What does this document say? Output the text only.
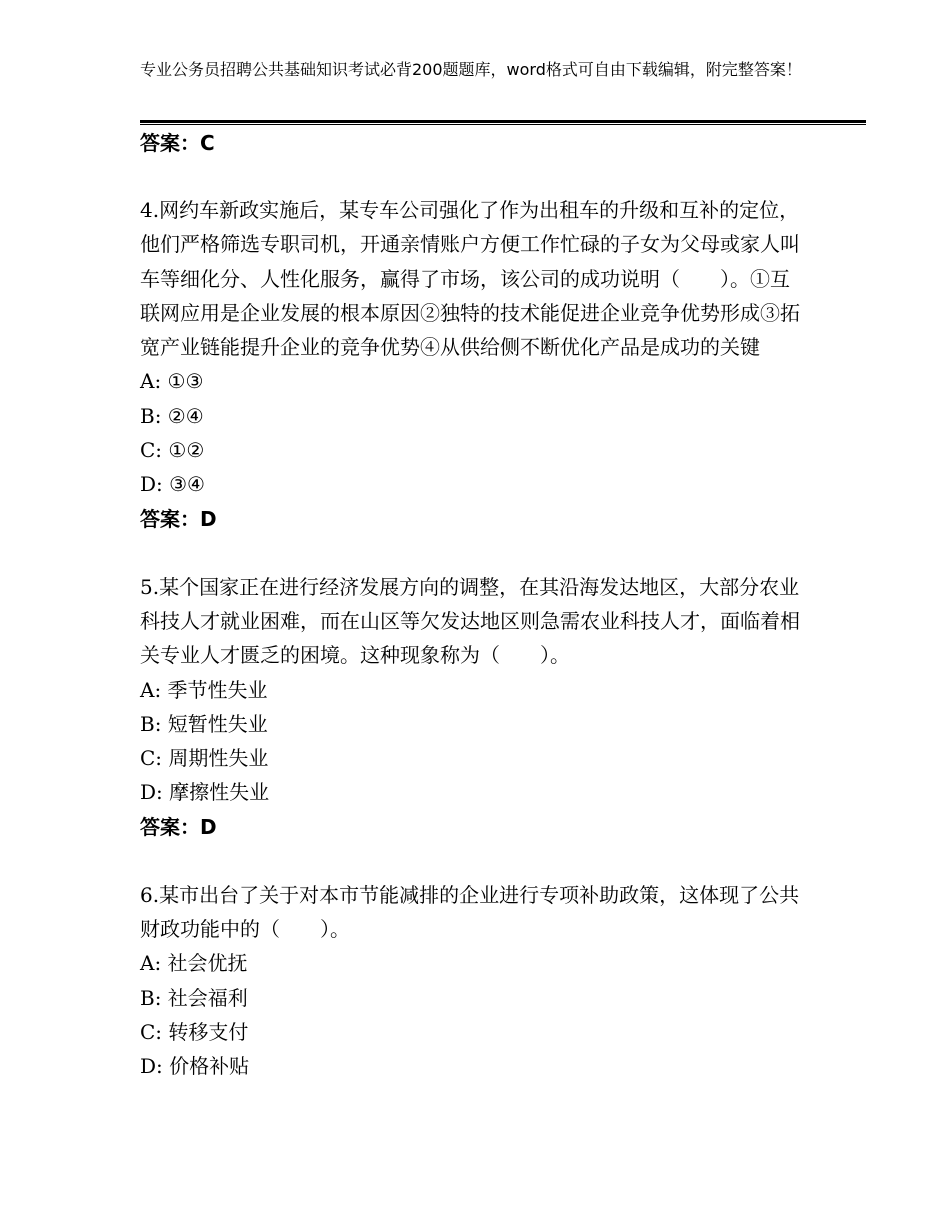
专业公务员招聘公共基础知识考试必背200题题库，word格式可自由下载编辑，附完整答案！

答案：C

4.网约车新政实施后，某专车公司强化了作为出租车的升级和互补的定位，他们严格筛选专职司机，开通亲情账户方便工作忙碌的子女为父母或家人叫车等细化分、人性化服务，赢得了市场，该公司的成功说明（　　）。①互联网应用是企业发展的根本原因②独特的技术能促进企业竞争优势形成③拓宽产业链能提升企业的竞争优势④从供给侧不断优化产品是成功的关键

A: ①③

B: ②④

C: ①②

D: ③④

答案：D

5.某个国家正在进行经济发展方向的调整，在其沿海发达地区，大部分农业科技人才就业困难，而在山区等欠发达地区则急需农业科技人才，面临着相关专业人才匮乏的困境。这种现象称为（　　）。

A: 季节性失业

B: 短暂性失业

C: 周期性失业

D: 摩擦性失业

答案：D

6.某市出台了关于对本市节能减排的企业进行专项补助政策，这体现了公共财政功能中的（　　）。

A: 社会优抚

B: 社会福利

C: 转移支付

D: 价格补贴
